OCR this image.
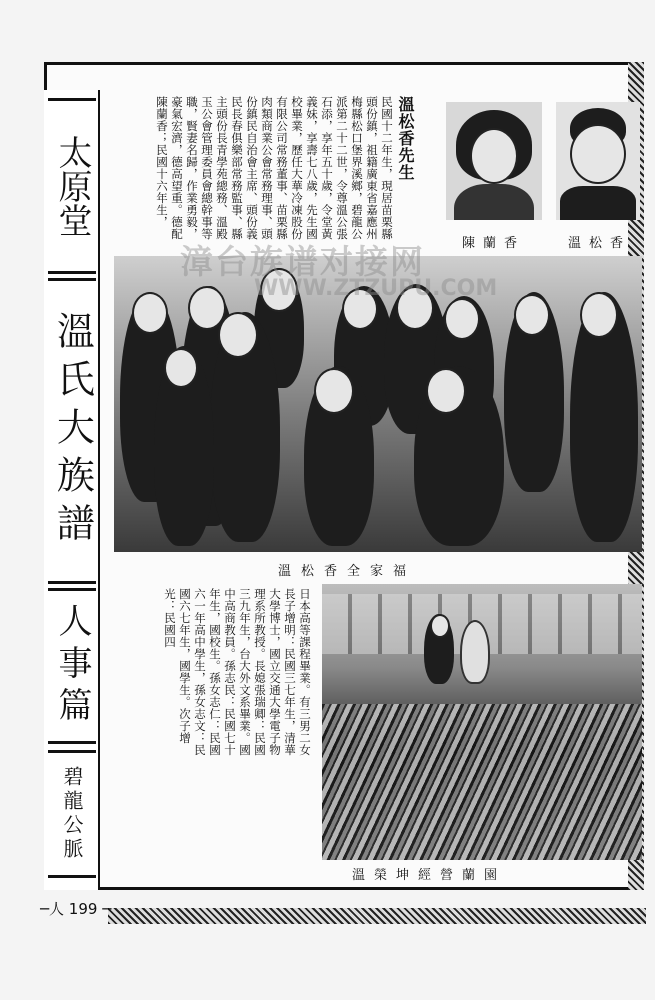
太原堂
溫氏大族譜
人事篇
碧龍公脈
溫松香先生
民國十二年生，現居苗栗縣頭份鎮，祖籍廣東省嘉應州梅縣松口堡界溪鄉，碧龍公派第二十二世，令尊溫公張石添，享年五十歲，令堂黃義妹，享壽七八歲，先生國校畢業，歷任大華冷凍股份有限公司常務董事、苗栗縣肉類商業公會常務理事、頭份鎮民自治會主席、頭份義民長春俱樂部常務監事、縣主頭份長青學苑總務、溫殿玉公會管理委員會總幹事等職，賢妻名歸，作業勇毅，豪氣宏濟，德高望重。德配陳蘭香；民國十六年生，
陳蘭香	溫松香
溫松香全家福
日本高等課程畢業。有三男二女長子增明：民國三七年生，清華大學博士，國立交通大學電子物理系所教授。長媳張瑞卿：民國三九年生，台大外文系畢業。國中高商教員。孫志民：民國七十年生，國校生。孫女志仁：民國六一年高中學生，孫女志文：民國六七年生，國學生。次子增光：民國四
溫榮坤經營蘭園
漳台族谱对接网
WWW.ZTZUPU.COM
─人 199 ─
